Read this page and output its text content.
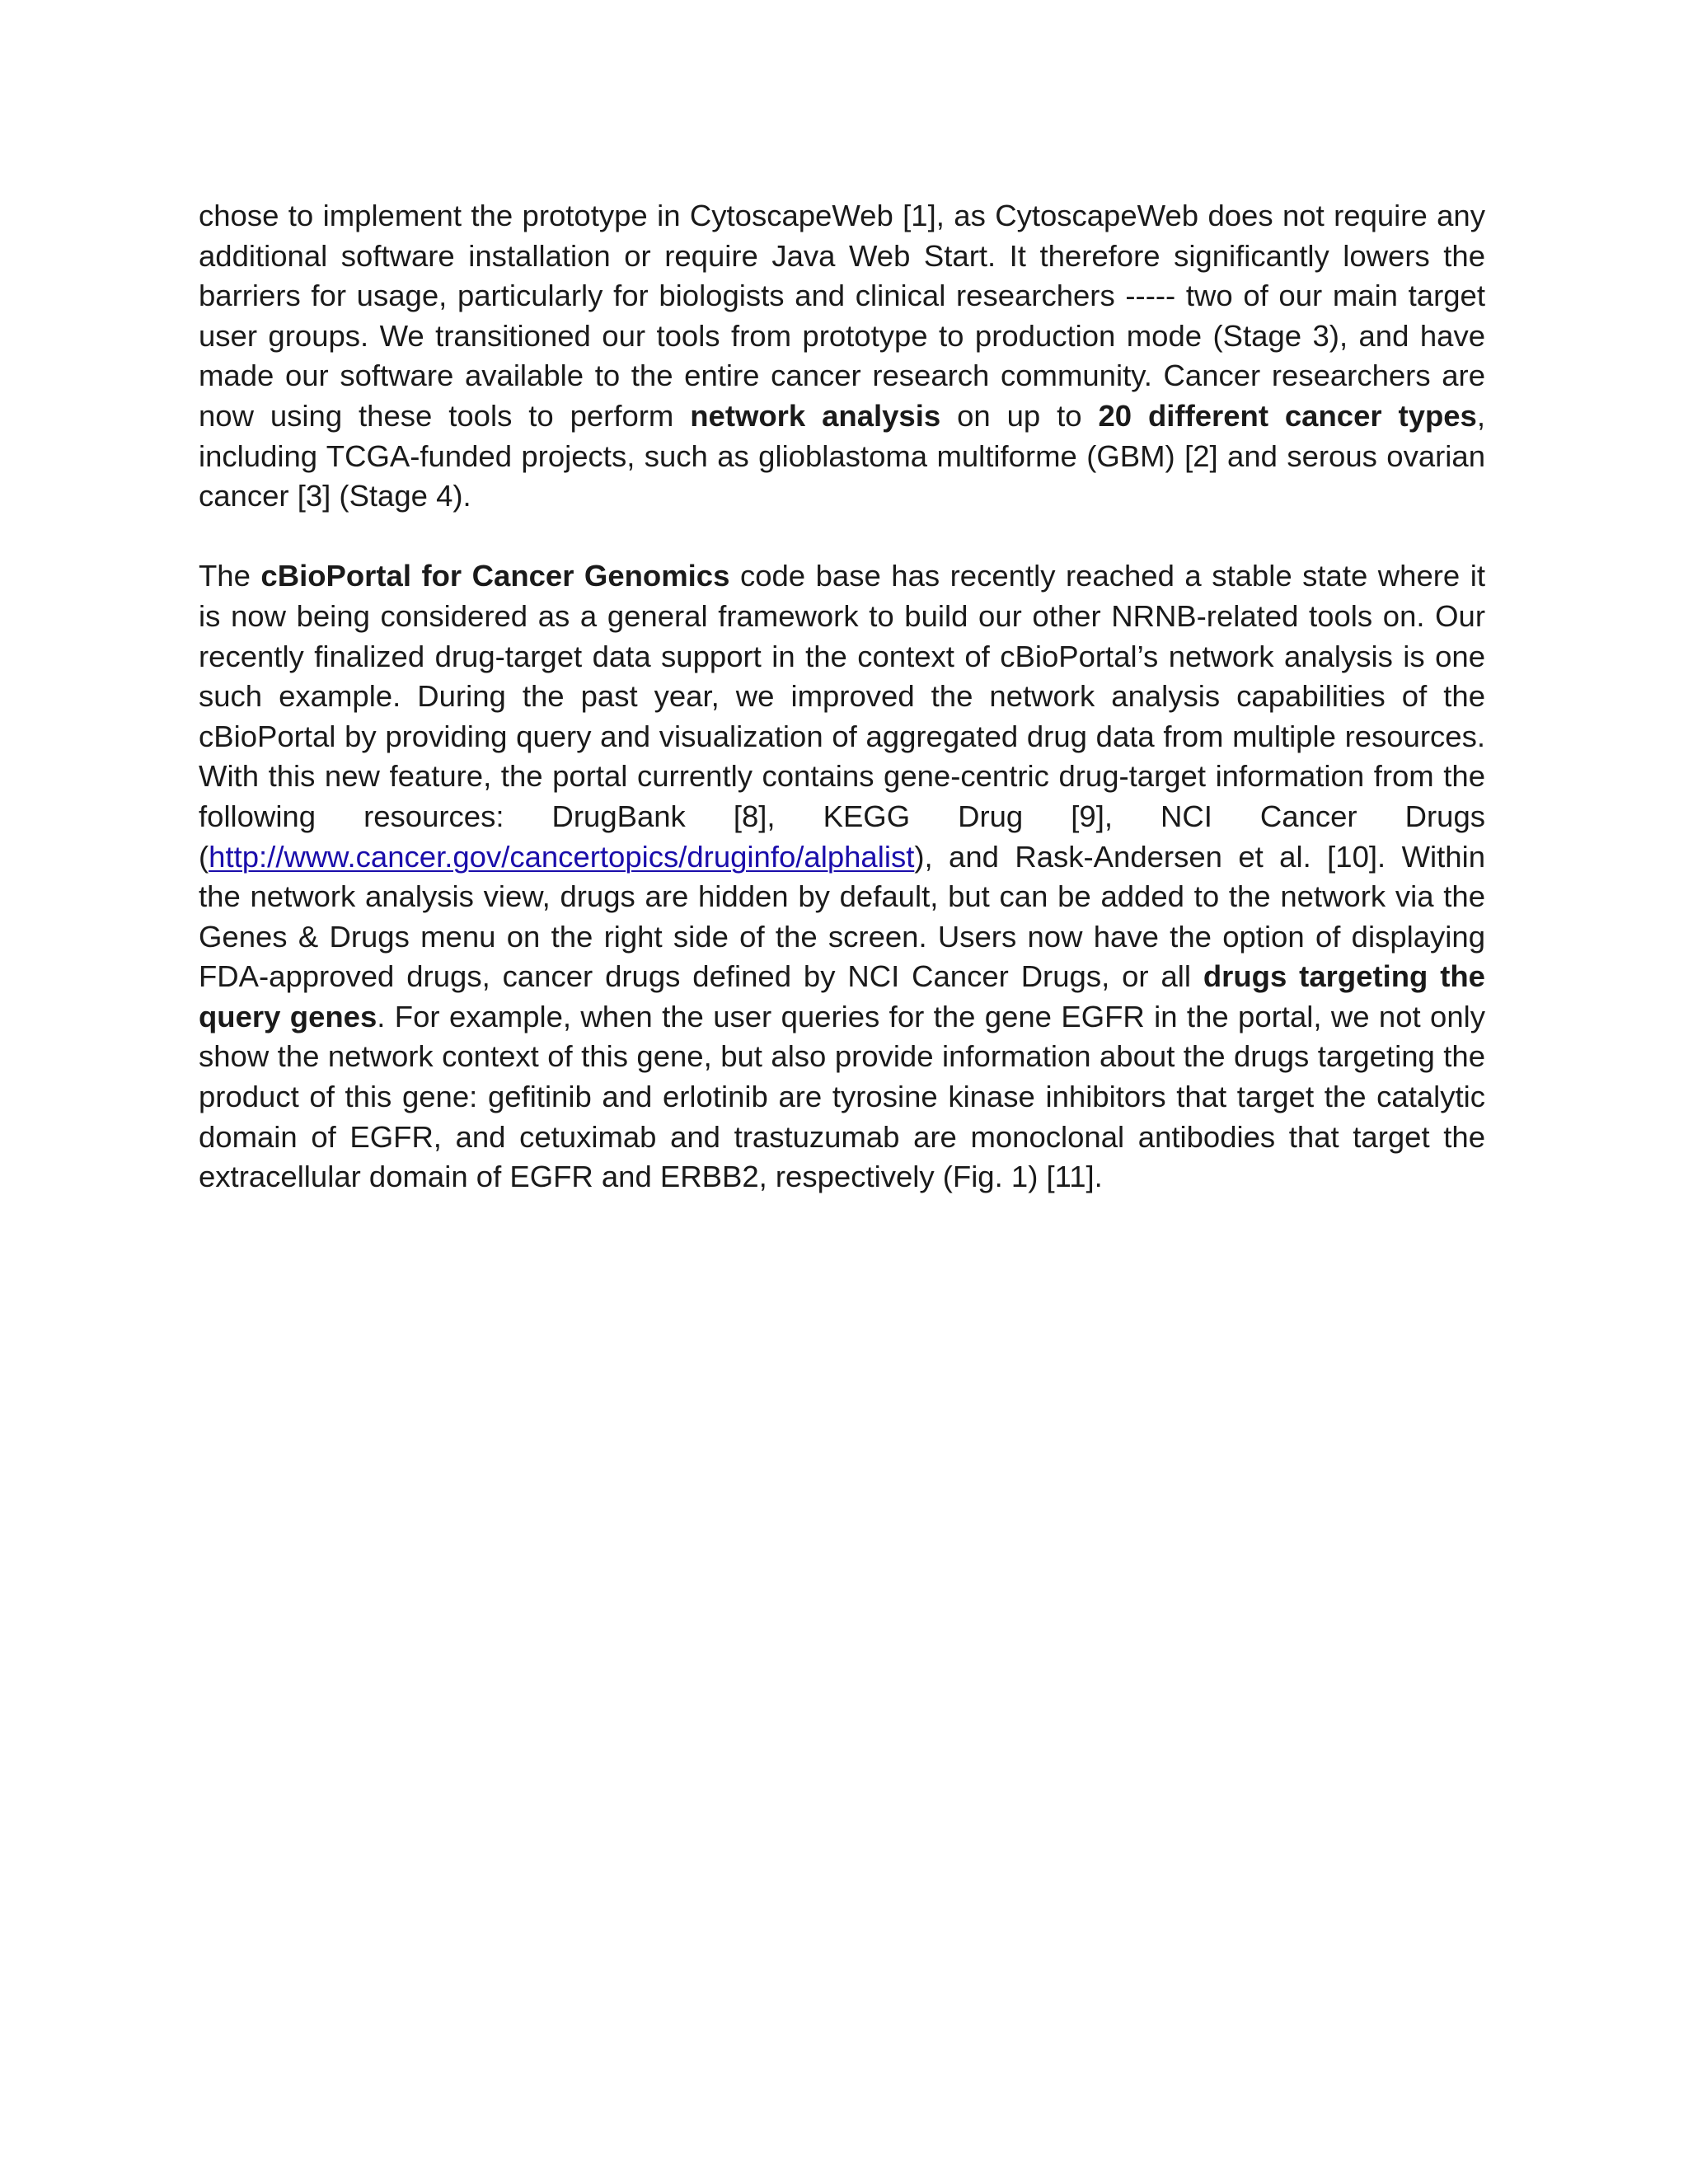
chose to implement the prototype in CytoscapeWeb [1], as CytoscapeWeb does not require any additional software installation or require Java Web Start. It therefore significantly lowers the barriers for usage, particularly for biologists and clinical researchers ----- two of our main target user groups. We transitioned our tools from prototype to production mode (Stage 3), and have made our software available to the entire cancer research community. Cancer researchers are now using these tools to perform network analysis on up to 20 different cancer types, including TCGA-funded projects, such as glioblastoma multiforme (GBM) [2] and serous ovarian cancer [3] (Stage 4).

The cBioPortal for Cancer Genomics code base has recently reached a stable state where it is now being considered as a general framework to build our other NRNB-related tools on. Our recently finalized drug-target data support in the context of cBioPortal’s network analysis is one such example. During the past year, we improved the network analysis capabilities of the cBioPortal by providing query and visualization of aggregated drug data from multiple resources. With this new feature, the portal currently contains gene-centric drug-target information from the following resources: DrugBank [8], KEGG Drug [9], NCI Cancer Drugs (http://www.cancer.gov/cancertopics/druginfo/alphalist), and Rask-Andersen et al. [10]. Within the network analysis view, drugs are hidden by default, but can be added to the network via the Genes & Drugs menu on the right side of the screen. Users now have the option of displaying FDA-approved drugs, cancer drugs defined by NCI Cancer Drugs, or all drugs targeting the query genes. For example, when the user queries for the gene EGFR in the portal, we not only show the network context of this gene, but also provide information about the drugs targeting the product of this gene: gefitinib and erlotinib are tyrosine kinase inhibitors that target the catalytic domain of EGFR, and cetuximab and trastuzumab are monoclonal antibodies that target the extracellular domain of EGFR and ERBB2, respectively (Fig. 1) [11].
